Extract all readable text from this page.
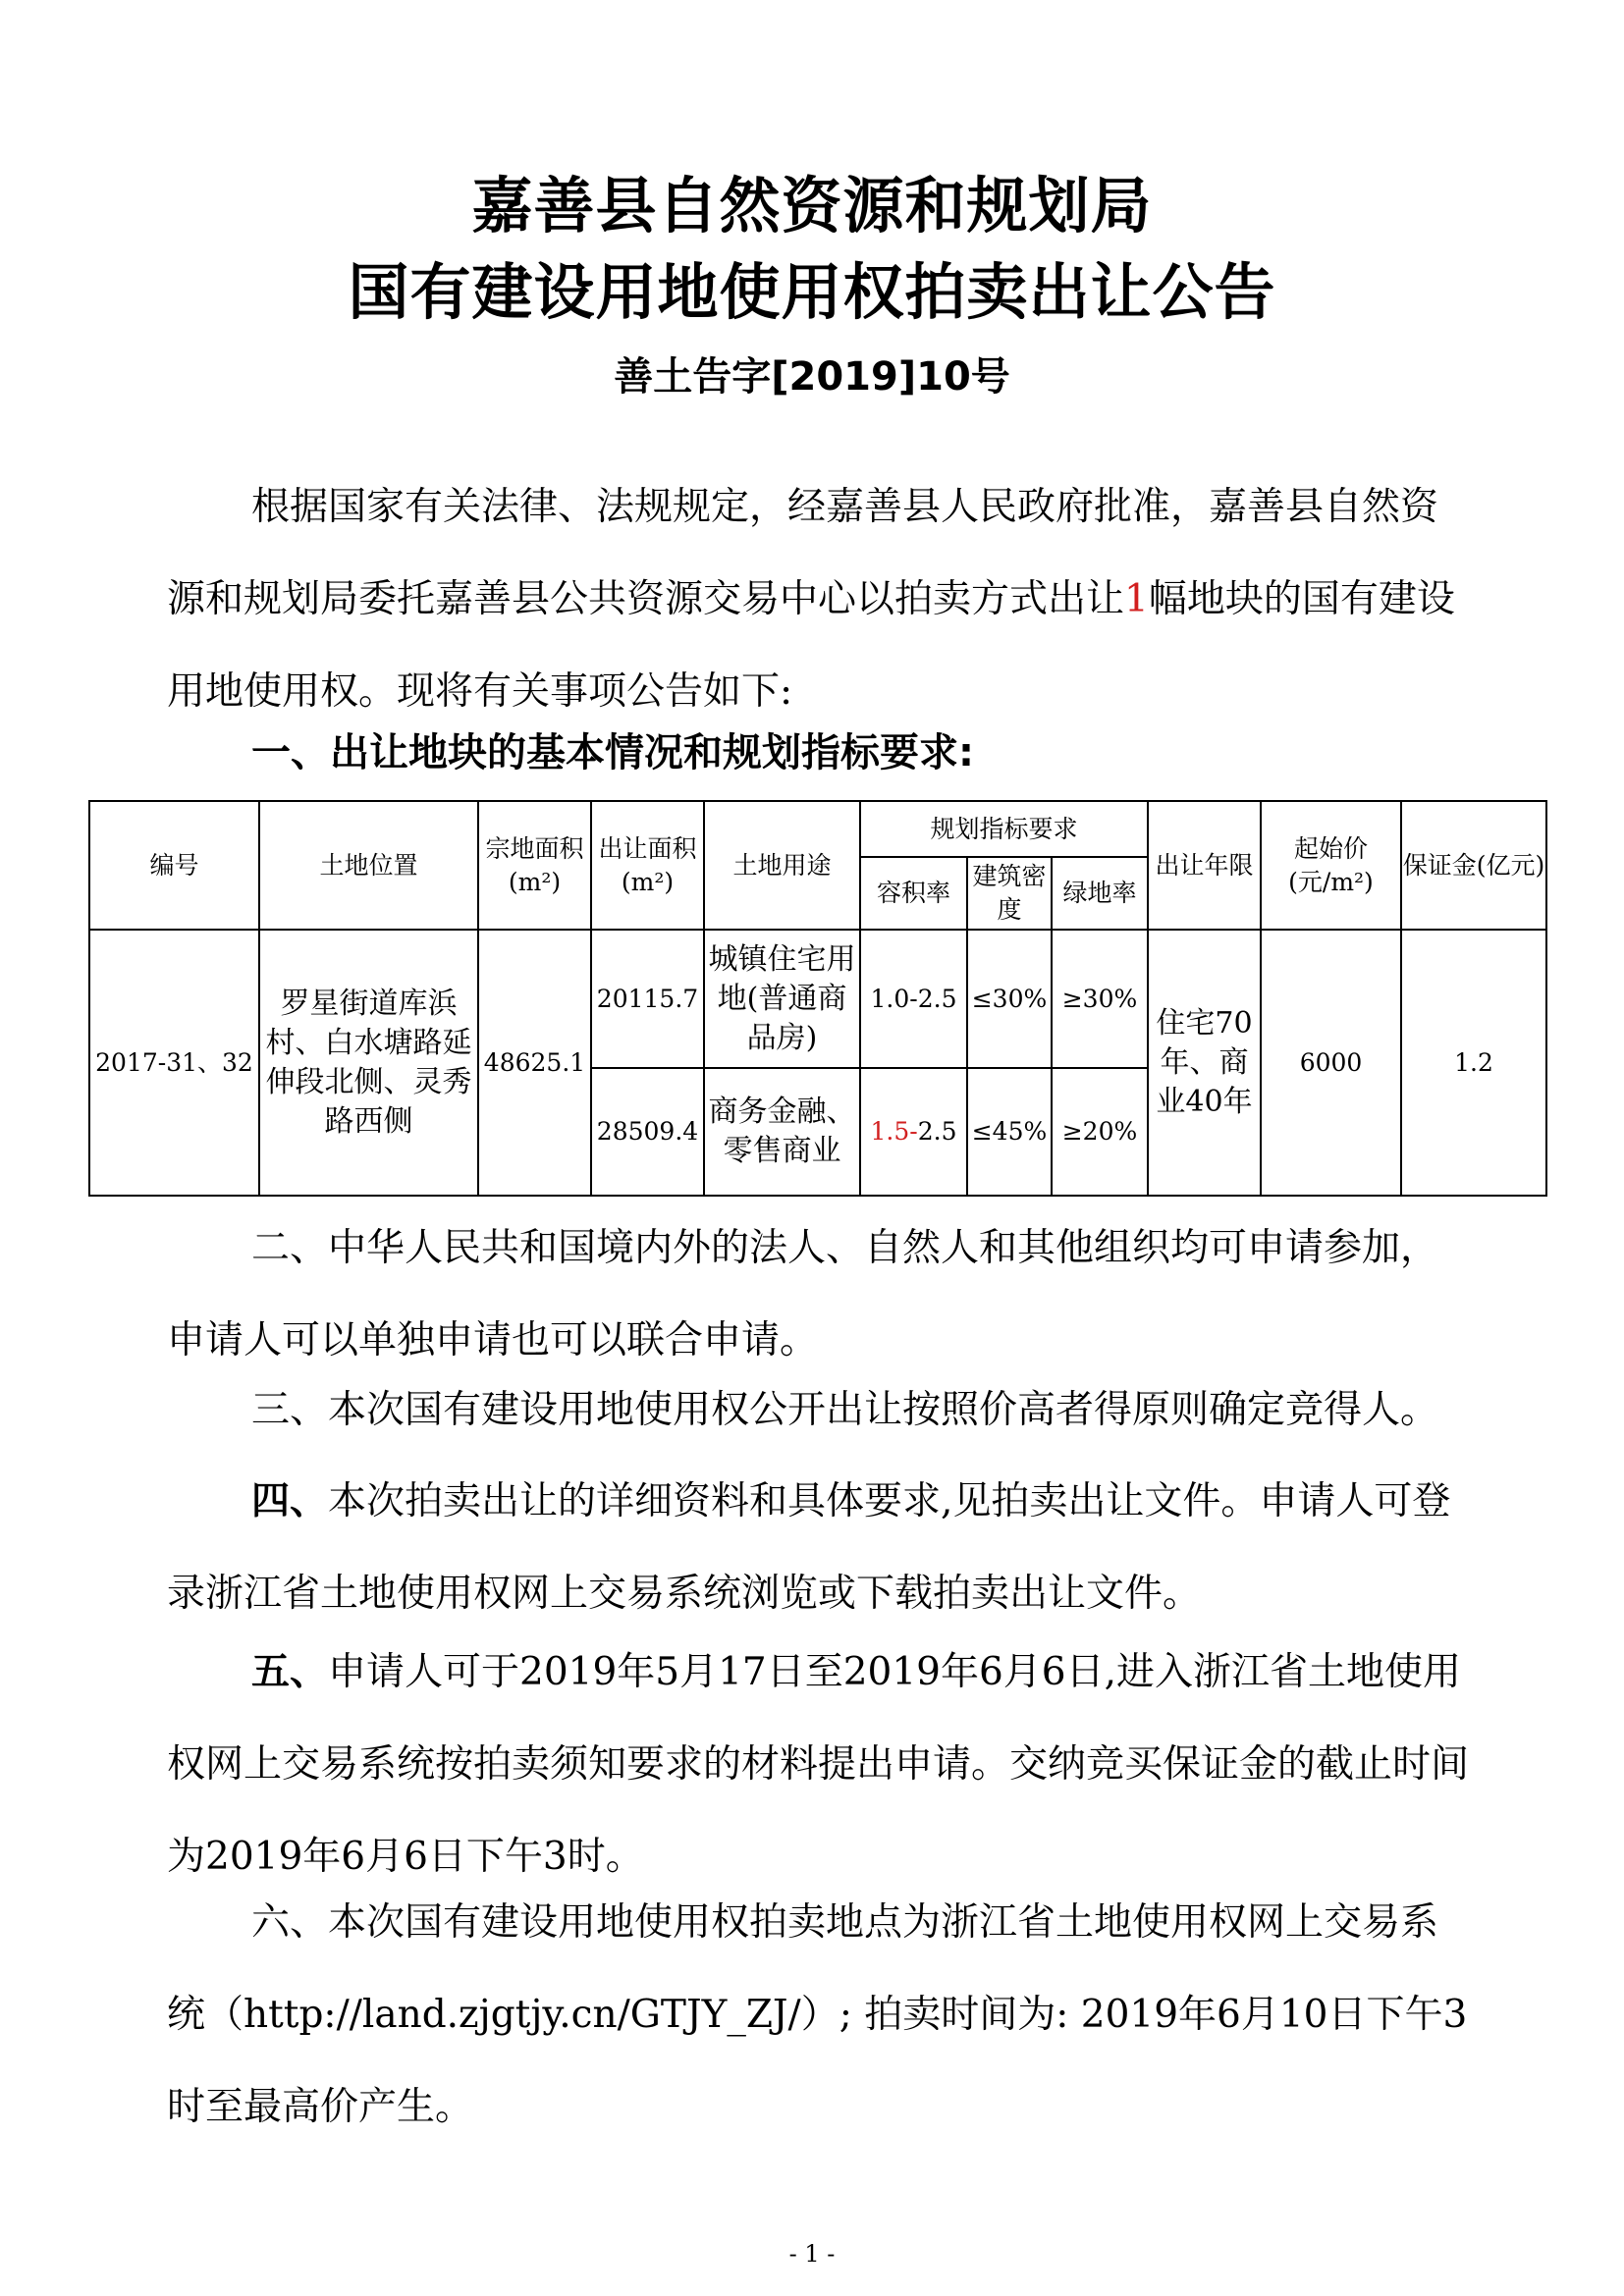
嘉善县自然资源和规划局
国有建设用地使用权拍卖出让公告
善土告字[2019]10号
根据国家有关法律、法规规定，经嘉善县人民政府批准，嘉善县自然资源和规划局委托嘉善县公共资源交易中心以拍卖方式出让1幅地块的国有建设用地使用权。现将有关事项公告如下:
一、出让地块的基本情况和规划指标要求:
编号	土地位置	宗地面积(m²)	出让面积(m²)	土地用途	规划指标要求			出让年限	起始价(元/m²)	保证金(亿元)
					容积率	建筑密度	绿地率			
2017-31、32	罗星街道库浜村、白水塘路延伸段北侧、灵秀路西侧	48625.1	20115.7	城镇住宅用地(普通商品房)	1.0-2.5	≤30%	≥30%	住宅70年、商业40年	6000	1.2
			28509.4	商务金融、零售商业	1.5-2.5	≤45%	≥20%			
二、中华人民共和国境内外的法人、自然人和其他组织均可申请参加，申请人可以单独申请也可以联合申请。
三、本次国有建设用地使用权公开出让按照价高者得原则确定竞得人。
四、本次拍卖出让的详细资料和具体要求,见拍卖出让文件。申请人可登录浙江省土地使用权网上交易系统浏览或下载拍卖出让文件。
五、申请人可于2019年5月17日至2019年6月6日,进入浙江省土地使用权网上交易系统按拍卖须知要求的材料提出申请。交纳竞买保证金的截止时间为2019年6月6日下午3时。
六、本次国有建设用地使用权拍卖地点为浙江省土地使用权网上交易系统（http://land.zjgtjy.cn/GTJY_ZJ/）; 拍卖时间为: 2019年6月10日下午3时至最高价产生。
- 1 -
